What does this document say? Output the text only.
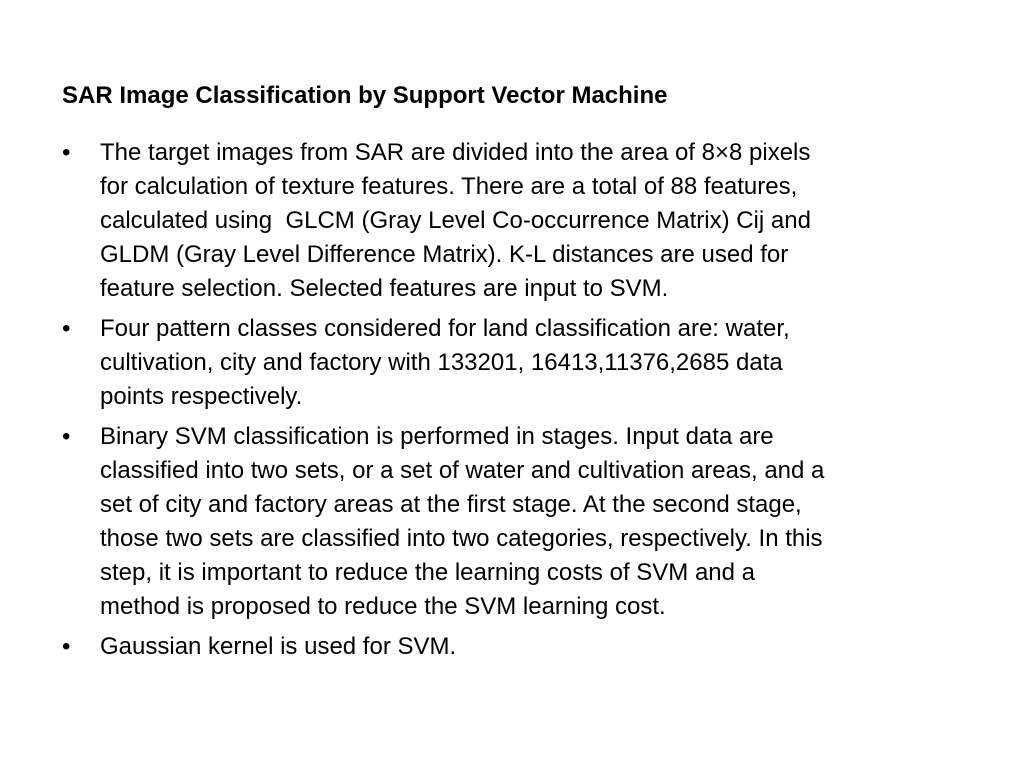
SAR Image Classification by Support Vector Machine
•	The target images from SAR are divided into the area of 8×8 pixels
for calculation of texture features. There are a total of 88 features,
calculated using  GLCM (Gray Level Co-occurrence Matrix) Cij and
GLDM (Gray Level Difference Matrix). K-L distances are used for
feature selection. Selected features are input to SVM.
•	Four pattern classes considered for land classification are: water,
cultivation, city and factory with 133201, 16413,11376,2685 data
points respectively.
•	Binary SVM classification is performed in stages. Input data are
classified into two sets, or a set of water and cultivation areas, and a
set of city and factory areas at the first stage. At the second stage,
those two sets are classified into two categories, respectively. In this
step, it is important to reduce the learning costs of SVM and a
method is proposed to reduce the SVM learning cost.
•	Gaussian kernel is used for SVM.
